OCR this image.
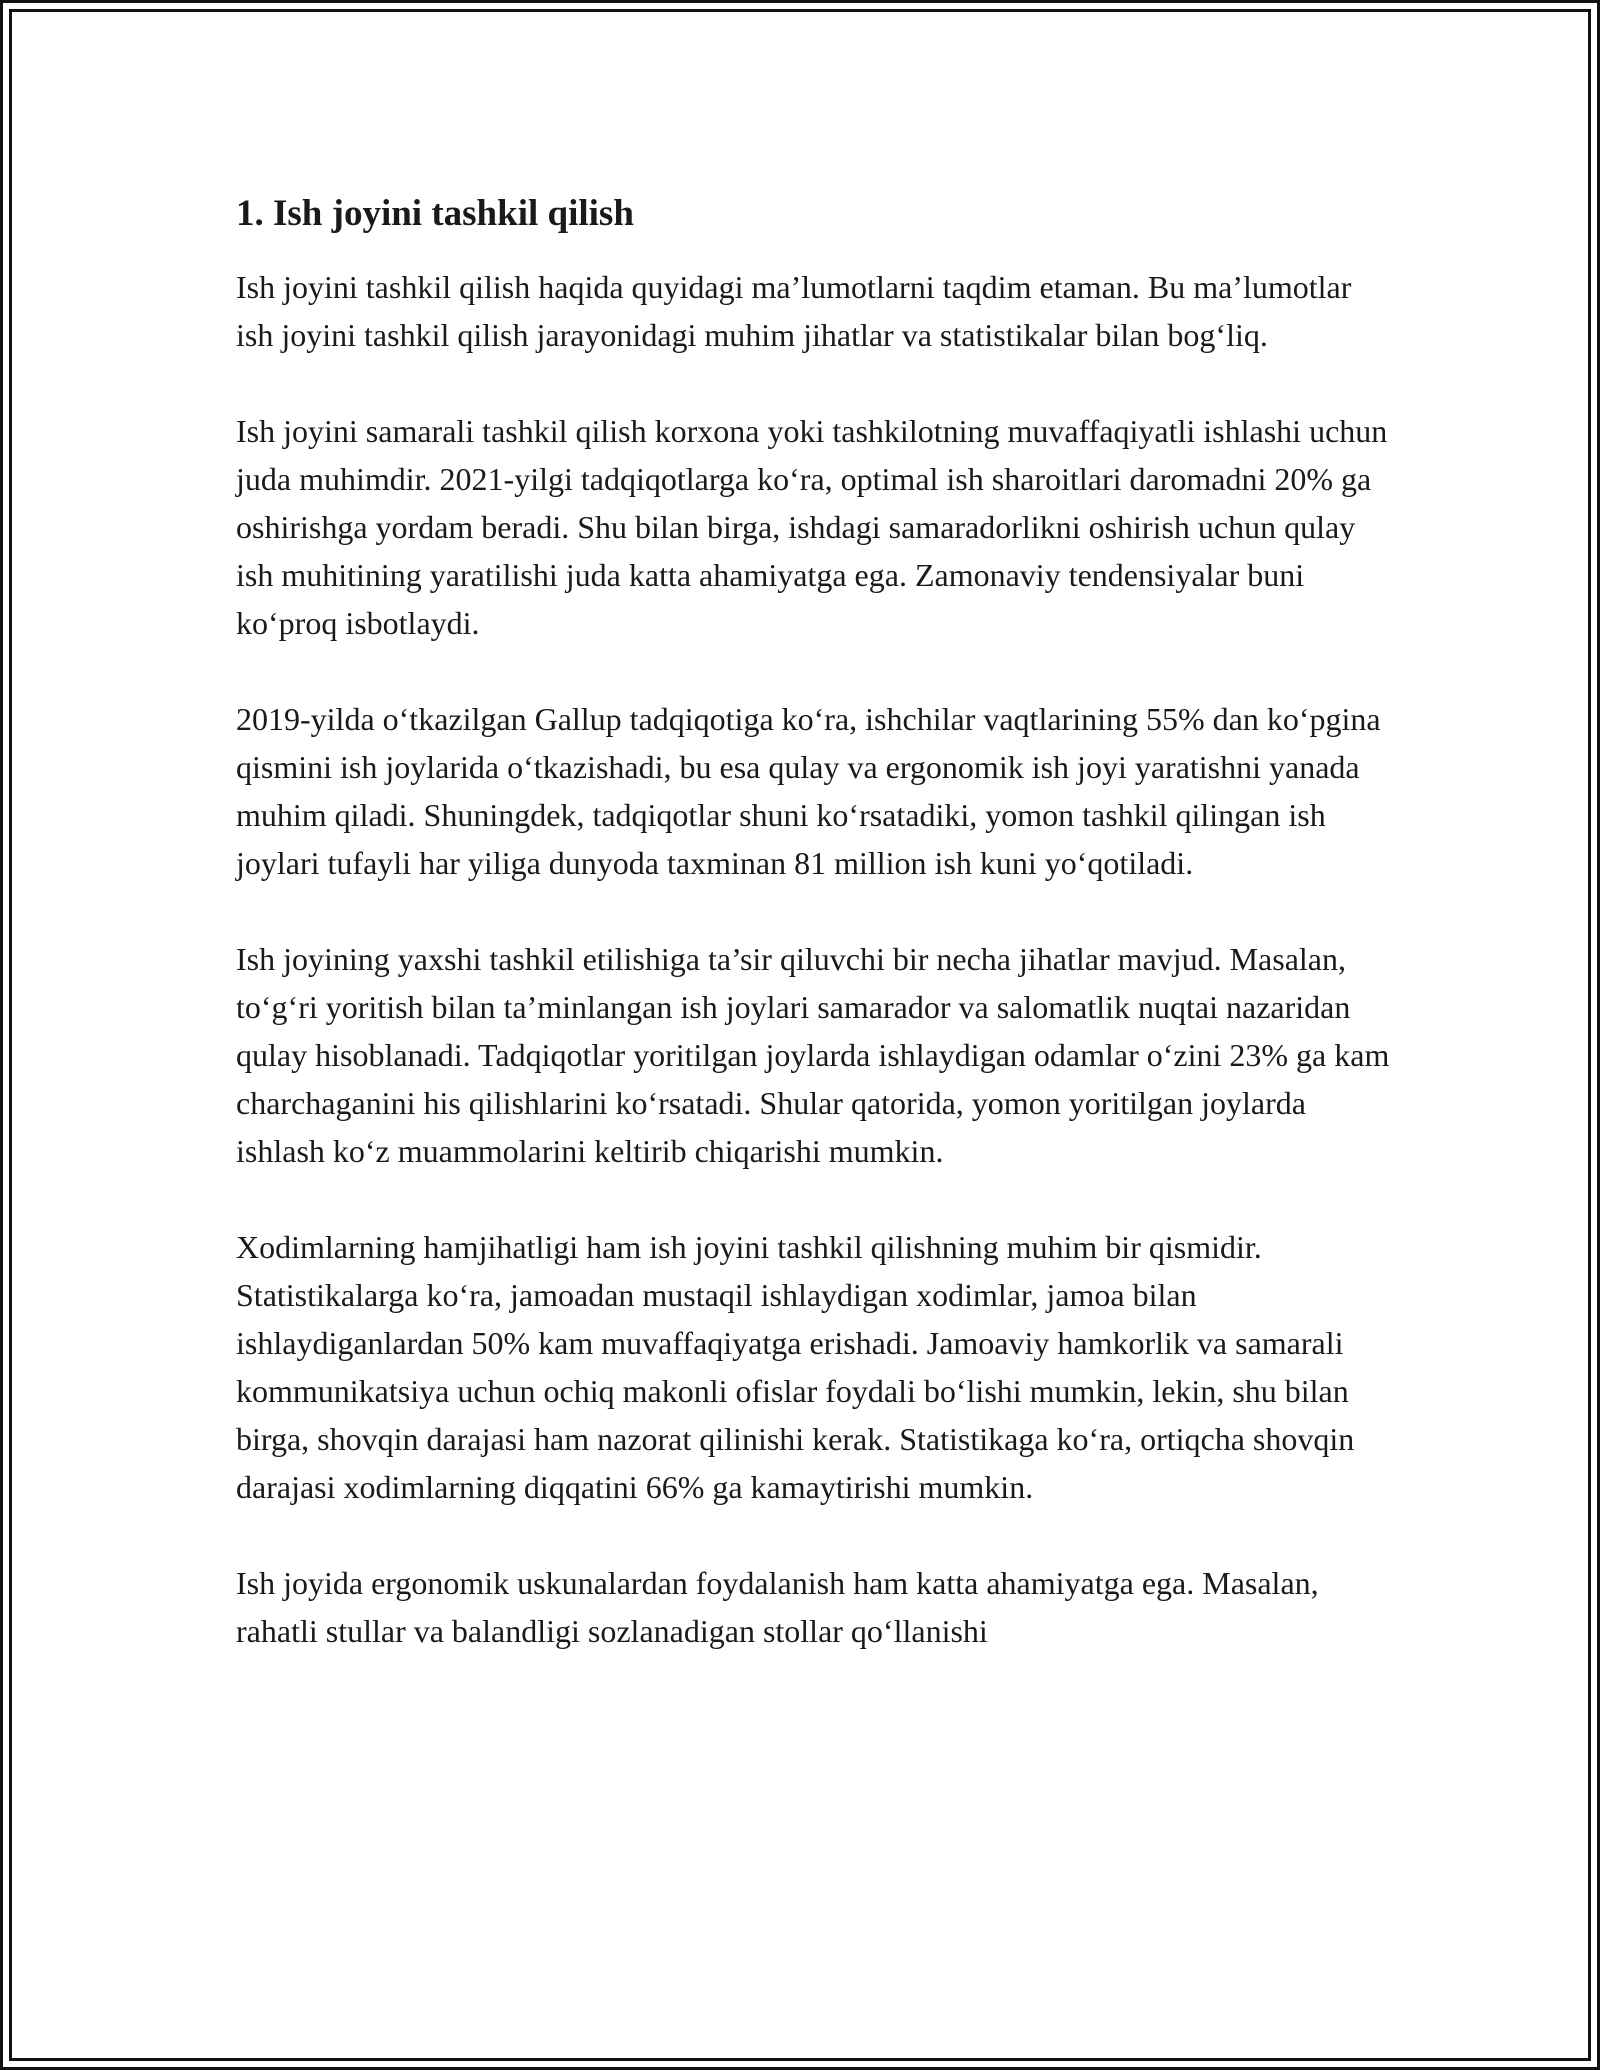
1. Ish joyini tashkil qilish

Ish joyini tashkil qilish haqida quyidagi ma’lumotlarni taqdim etaman. Bu ma’lumotlar ish joyini tashkil qilish jarayonidagi muhim jihatlar va statistikalar bilan bog‘liq.

Ish joyini samarali tashkil qilish korxona yoki tashkilotning muvaffaqiyatli ishlashi uchun juda muhimdir. 2021-yilgi tadqiqotlarga ko‘ra, optimal ish sharoitlari daromadni 20% ga oshirishga yordam beradi. Shu bilan birga, ishdagi samaradorlikni oshirish uchun qulay ish muhitining yaratilishi juda katta ahamiyatga ega. Zamonaviy tendensiyalar buni ko‘proq isbotlaydi.

2019-yilda o‘tkazilgan Gallup tadqiqotiga ko‘ra, ishchilar vaqtlarining 55% dan ko‘pgina qismini ish joylarida o‘tkazishadi, bu esa qulay va ergonomik ish joyi yaratishni yanada muhim qiladi. Shuningdek, tadqiqotlar shuni ko‘rsatadiki, yomon tashkil qilingan ish joylari tufayli har yiliga dunyoda taxminan 81 million ish kuni yo‘qotiladi.

Ish joyining yaxshi tashkil etilishiga ta’sir qiluvchi bir necha jihatlar mavjud. Masalan, to‘g‘ri yoritish bilan ta’minlangan ish joylari samarador va salomatlik nuqtai nazaridan qulay hisoblanadi. Tadqiqotlar yoritilgan joylarda ishlaydigan odamlar o‘zini 23% ga kam charchaganini his qilishlarini ko‘rsatadi. Shular qatorida, yomon yoritilgan joylarda ishlash ko‘z muammolarini keltirib chiqarishi mumkin.

Xodimlarning hamjihatligi ham ish joyini tashkil qilishning muhim bir qismidir. Statistikalarga ko‘ra, jamoadan mustaqil ishlaydigan xodimlar, jamoa bilan ishlaydiganlardan 50% kam muvaffaqiyatga erishadi. Jamoaviy hamkorlik va samarali kommunikatsiya uchun ochiq makonli ofislar foydali bo‘lishi mumkin, lekin, shu bilan birga, shovqin darajasi ham nazorat qilinishi kerak. Statistikaga ko‘ra, ortiqcha shovqin darajasi xodimlarning diqqatini 66% ga kamaytirishi mumkin.

Ish joyida ergonomik uskunalardan foydalanish ham katta ahamiyatga ega. Masalan, rahatli stullar va balandligi sozlanadigan stollar qo‘llanishi
